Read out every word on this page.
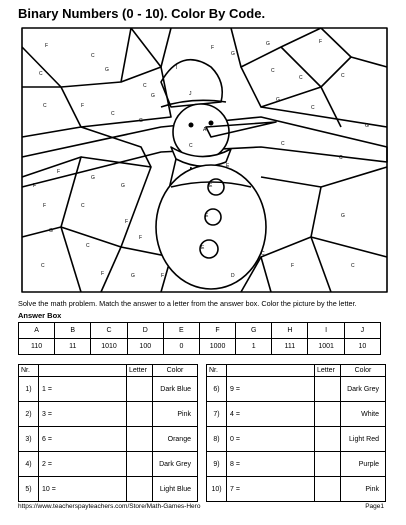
Binary Numbers (0 - 10). Color By Code.
F
C
F
G	F
C
G
C
G
C	F
C
G
I
J
A
C
E
E
E
E
G
C
C	C
G
C
G
C
C
G
F
F
G
G
F	C
F
G
C
F
C
F	G	F
C
F	C
D
Solve the math problem. Match the answer to a letter from the answer box. Color the picture by the letter.
Answer Box
A	B	C	D	E	F	G	H	I	J
110	11	1010	100	0	1000	1	111	1001	10
Nr.		Letter	Color
1)	1 =		Dark Blue
2)	3 =		Pink
3)	6 =		Orange
4)	2 =		Dark Grey
5)	10 =		Light Blue
Nr.		Letter	Color
6)	9 =		Dark Grey
7)	4 =		White
8)	0 =		Light Red
9)	8 =		Purple
10)	7 =		Pink
https://www.teacherspayteachers.com/Store/Math-Games-Hero	Page1
